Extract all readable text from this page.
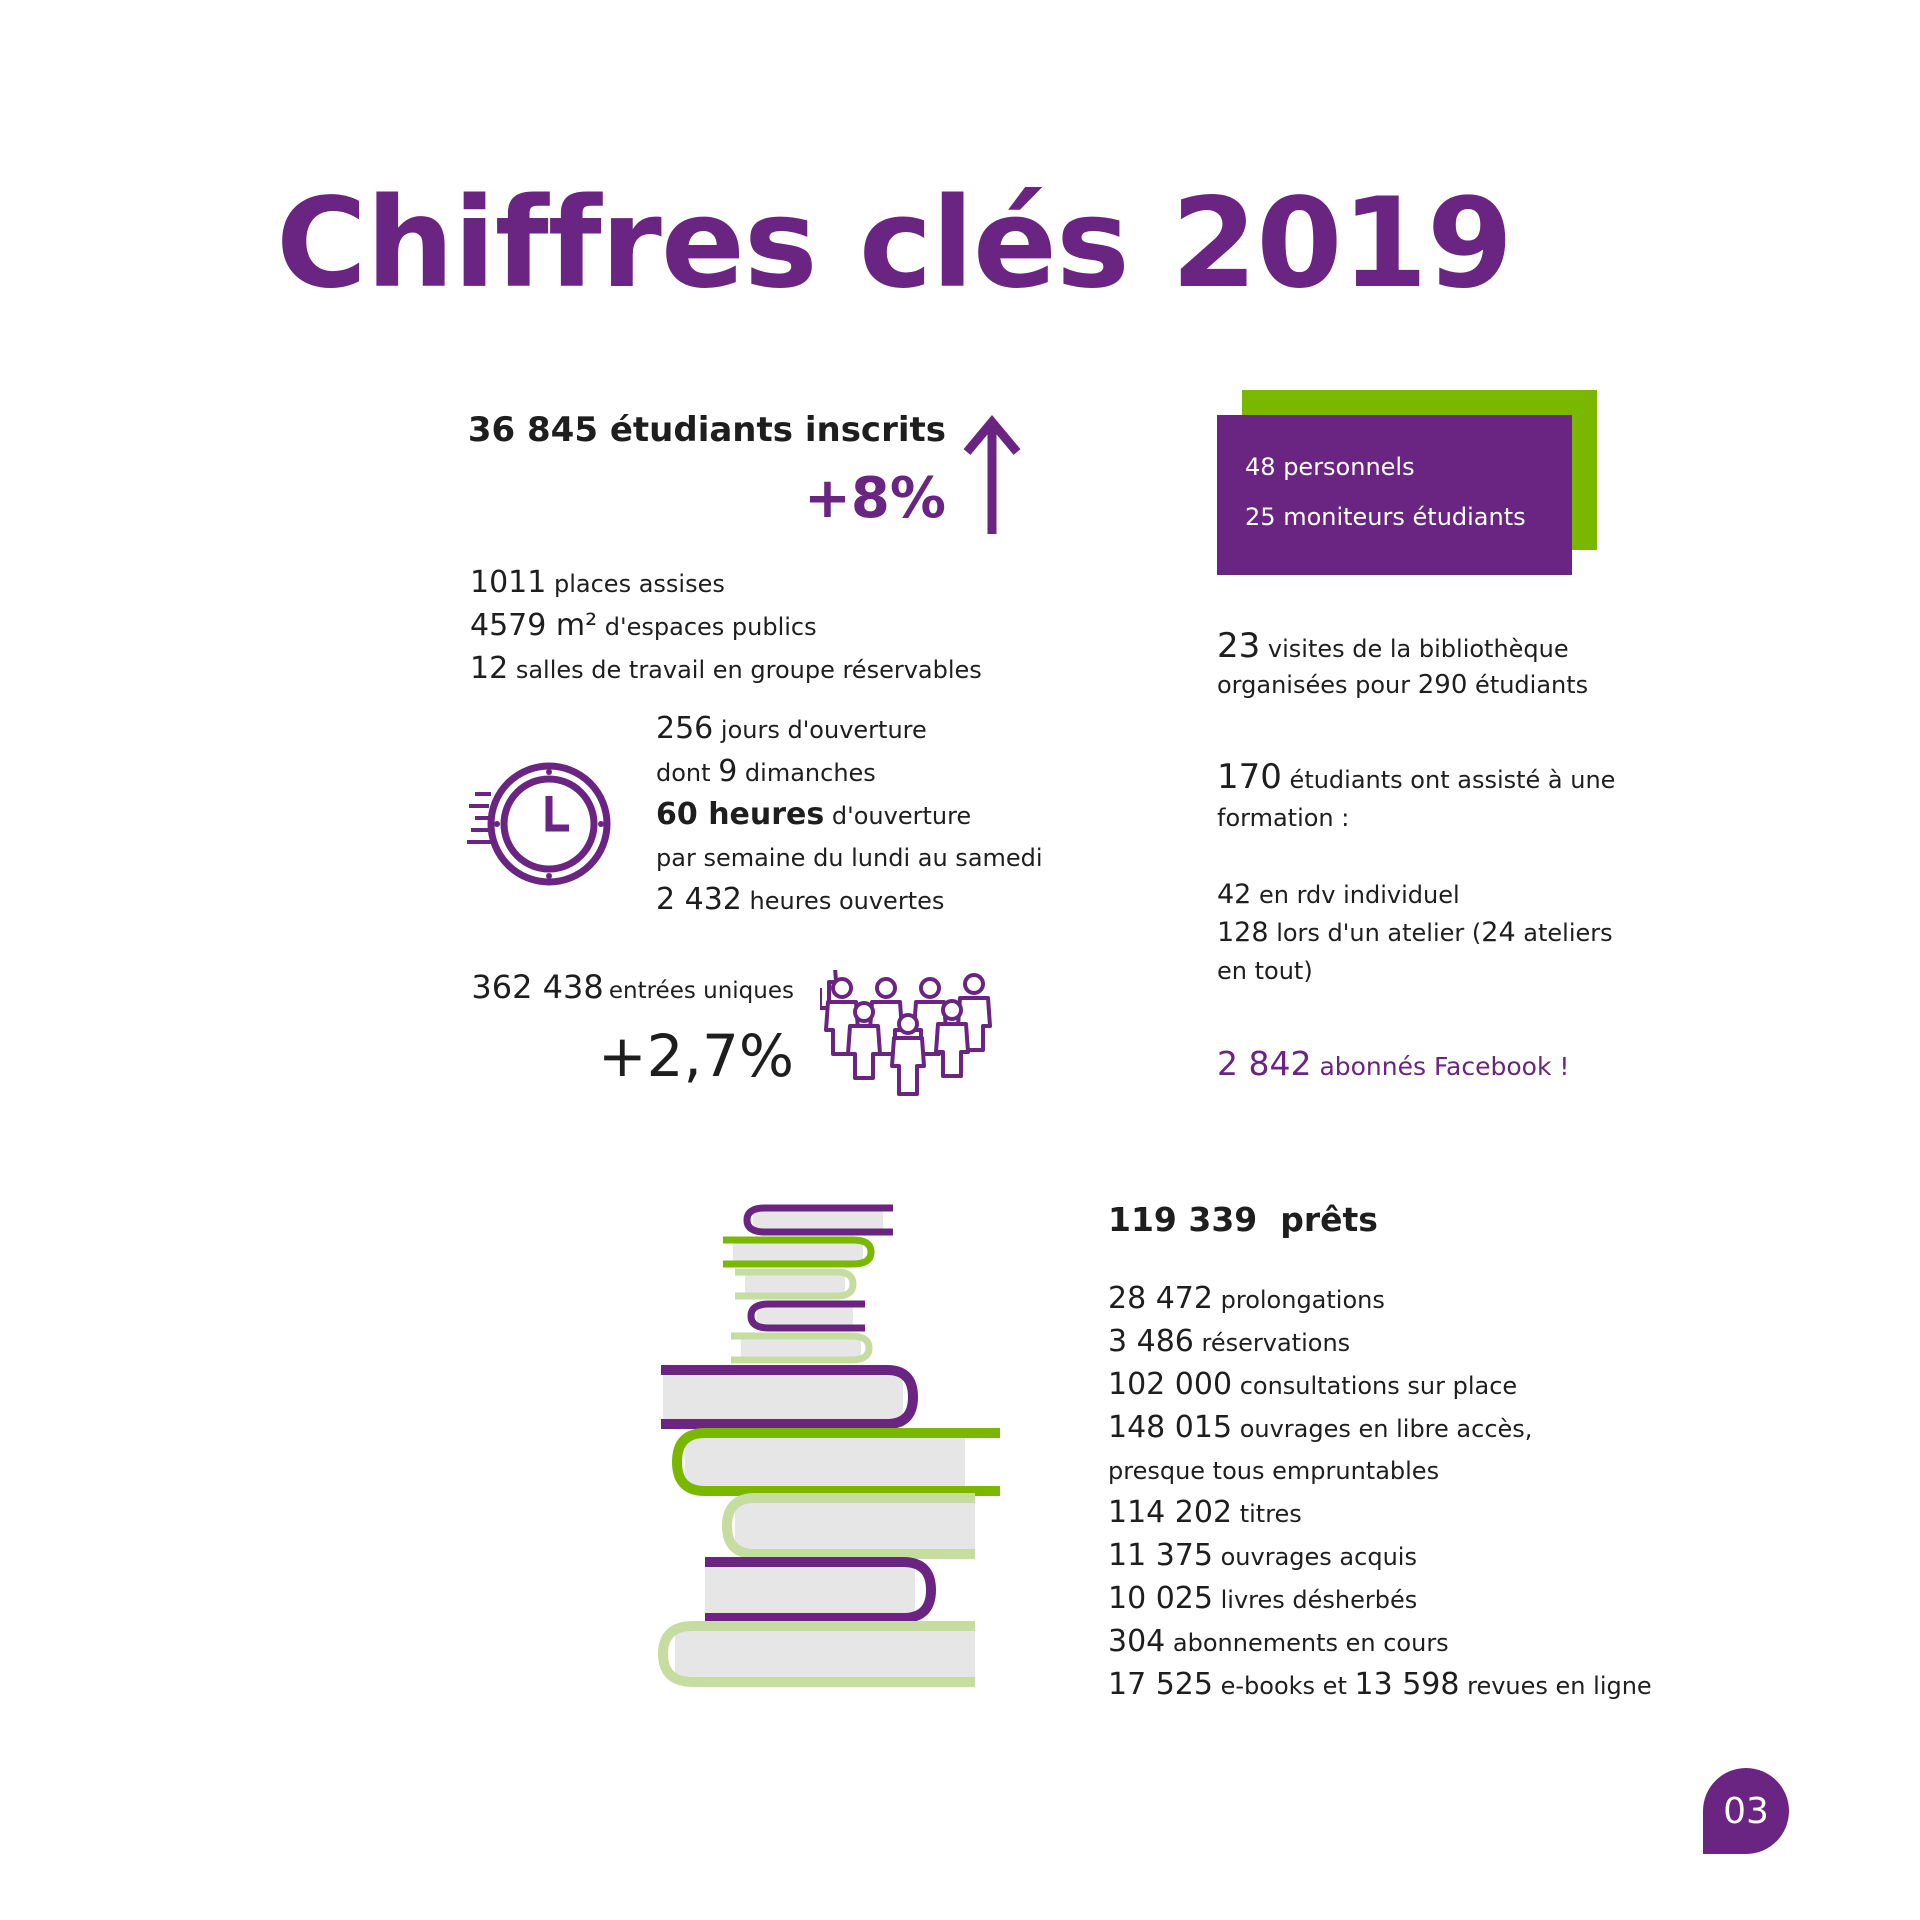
Chiffres clés 2019
36 845 étudiants inscrits
+8%
1011 places assises
4579 m² d'espaces publics
12 salles de travail en groupe réservables
256 jours d'ouverture
dont 9 dimanches
60 heures d'ouverture
par semaine du lundi au samedi
2 432 heures ouvertes
362 438 entrées uniques
+2,7%
48 personnels
25 moniteurs étudiants
23 visites de la bibliothèque
organisées pour 290 étudiants
170 étudiants ont assisté à une
formation :
42 en rdv individuel
128 lors d'un atelier (24 ateliers
en tout)
2 842 abonnés Facebook !
119 339 prêts
28 472 prolongations
3 486 réservations
102 000 consultations sur place
148 015 ouvrages en libre accès,
presque tous empruntables
114 202 titres
11 375 ouvrages acquis
10 025 livres désherbés
304 abonnements en cours
17 525 e-books et 13 598 revues en ligne
03
